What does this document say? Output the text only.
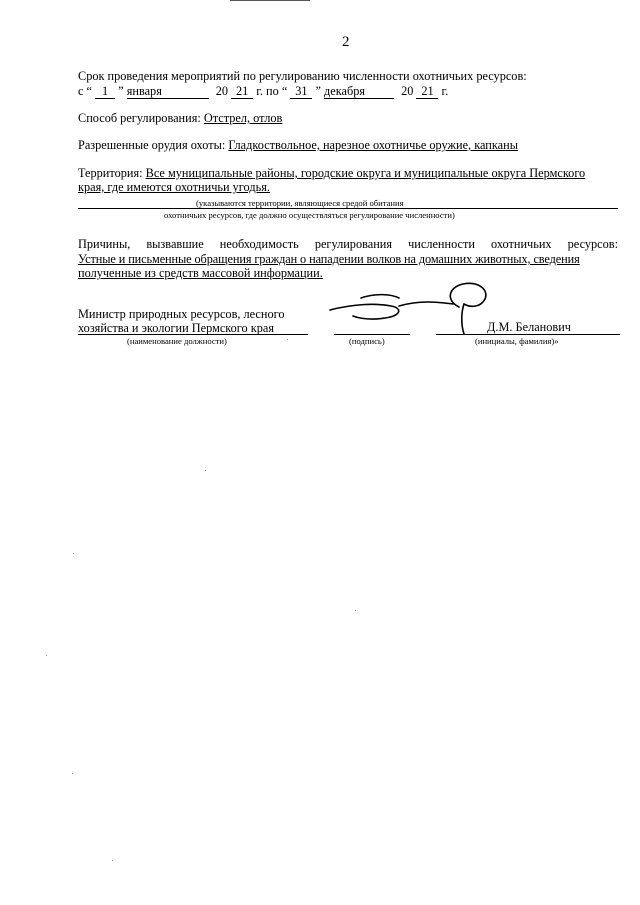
2
Срок проведения мероприятий по регулированию численности охотничьих ресурсов:
с “ 1 ” января	20 21 г. по “ 31 ” декабря	20 21 г.
Способ регулирования: Отстрел, отлов
Разрешенные орудия охоты: Гладкоствольное, нарезное охотничье оружие, капканы
Территория: Все муниципальные районы, городские округа и муниципальные округа Пермского
края, где имеются охотничьи угодья.
(указываются территории, являющиеся средой обитания
охотничьих ресурсов, где должно осуществляться регулирование численности)
Причины, вызвавшие необходимость регулирования численности охотничьих ресурсов:
Устные и письменные обращения граждан о нападении волков на домашних животных, сведения
полученные из средств массовой информации.
Министр природных ресурсов, лесного
хозяйства и экологии Пермского края
(наименование должности)	(подпись)
Д.М. Беланович
(инициалы, фамилия)»
